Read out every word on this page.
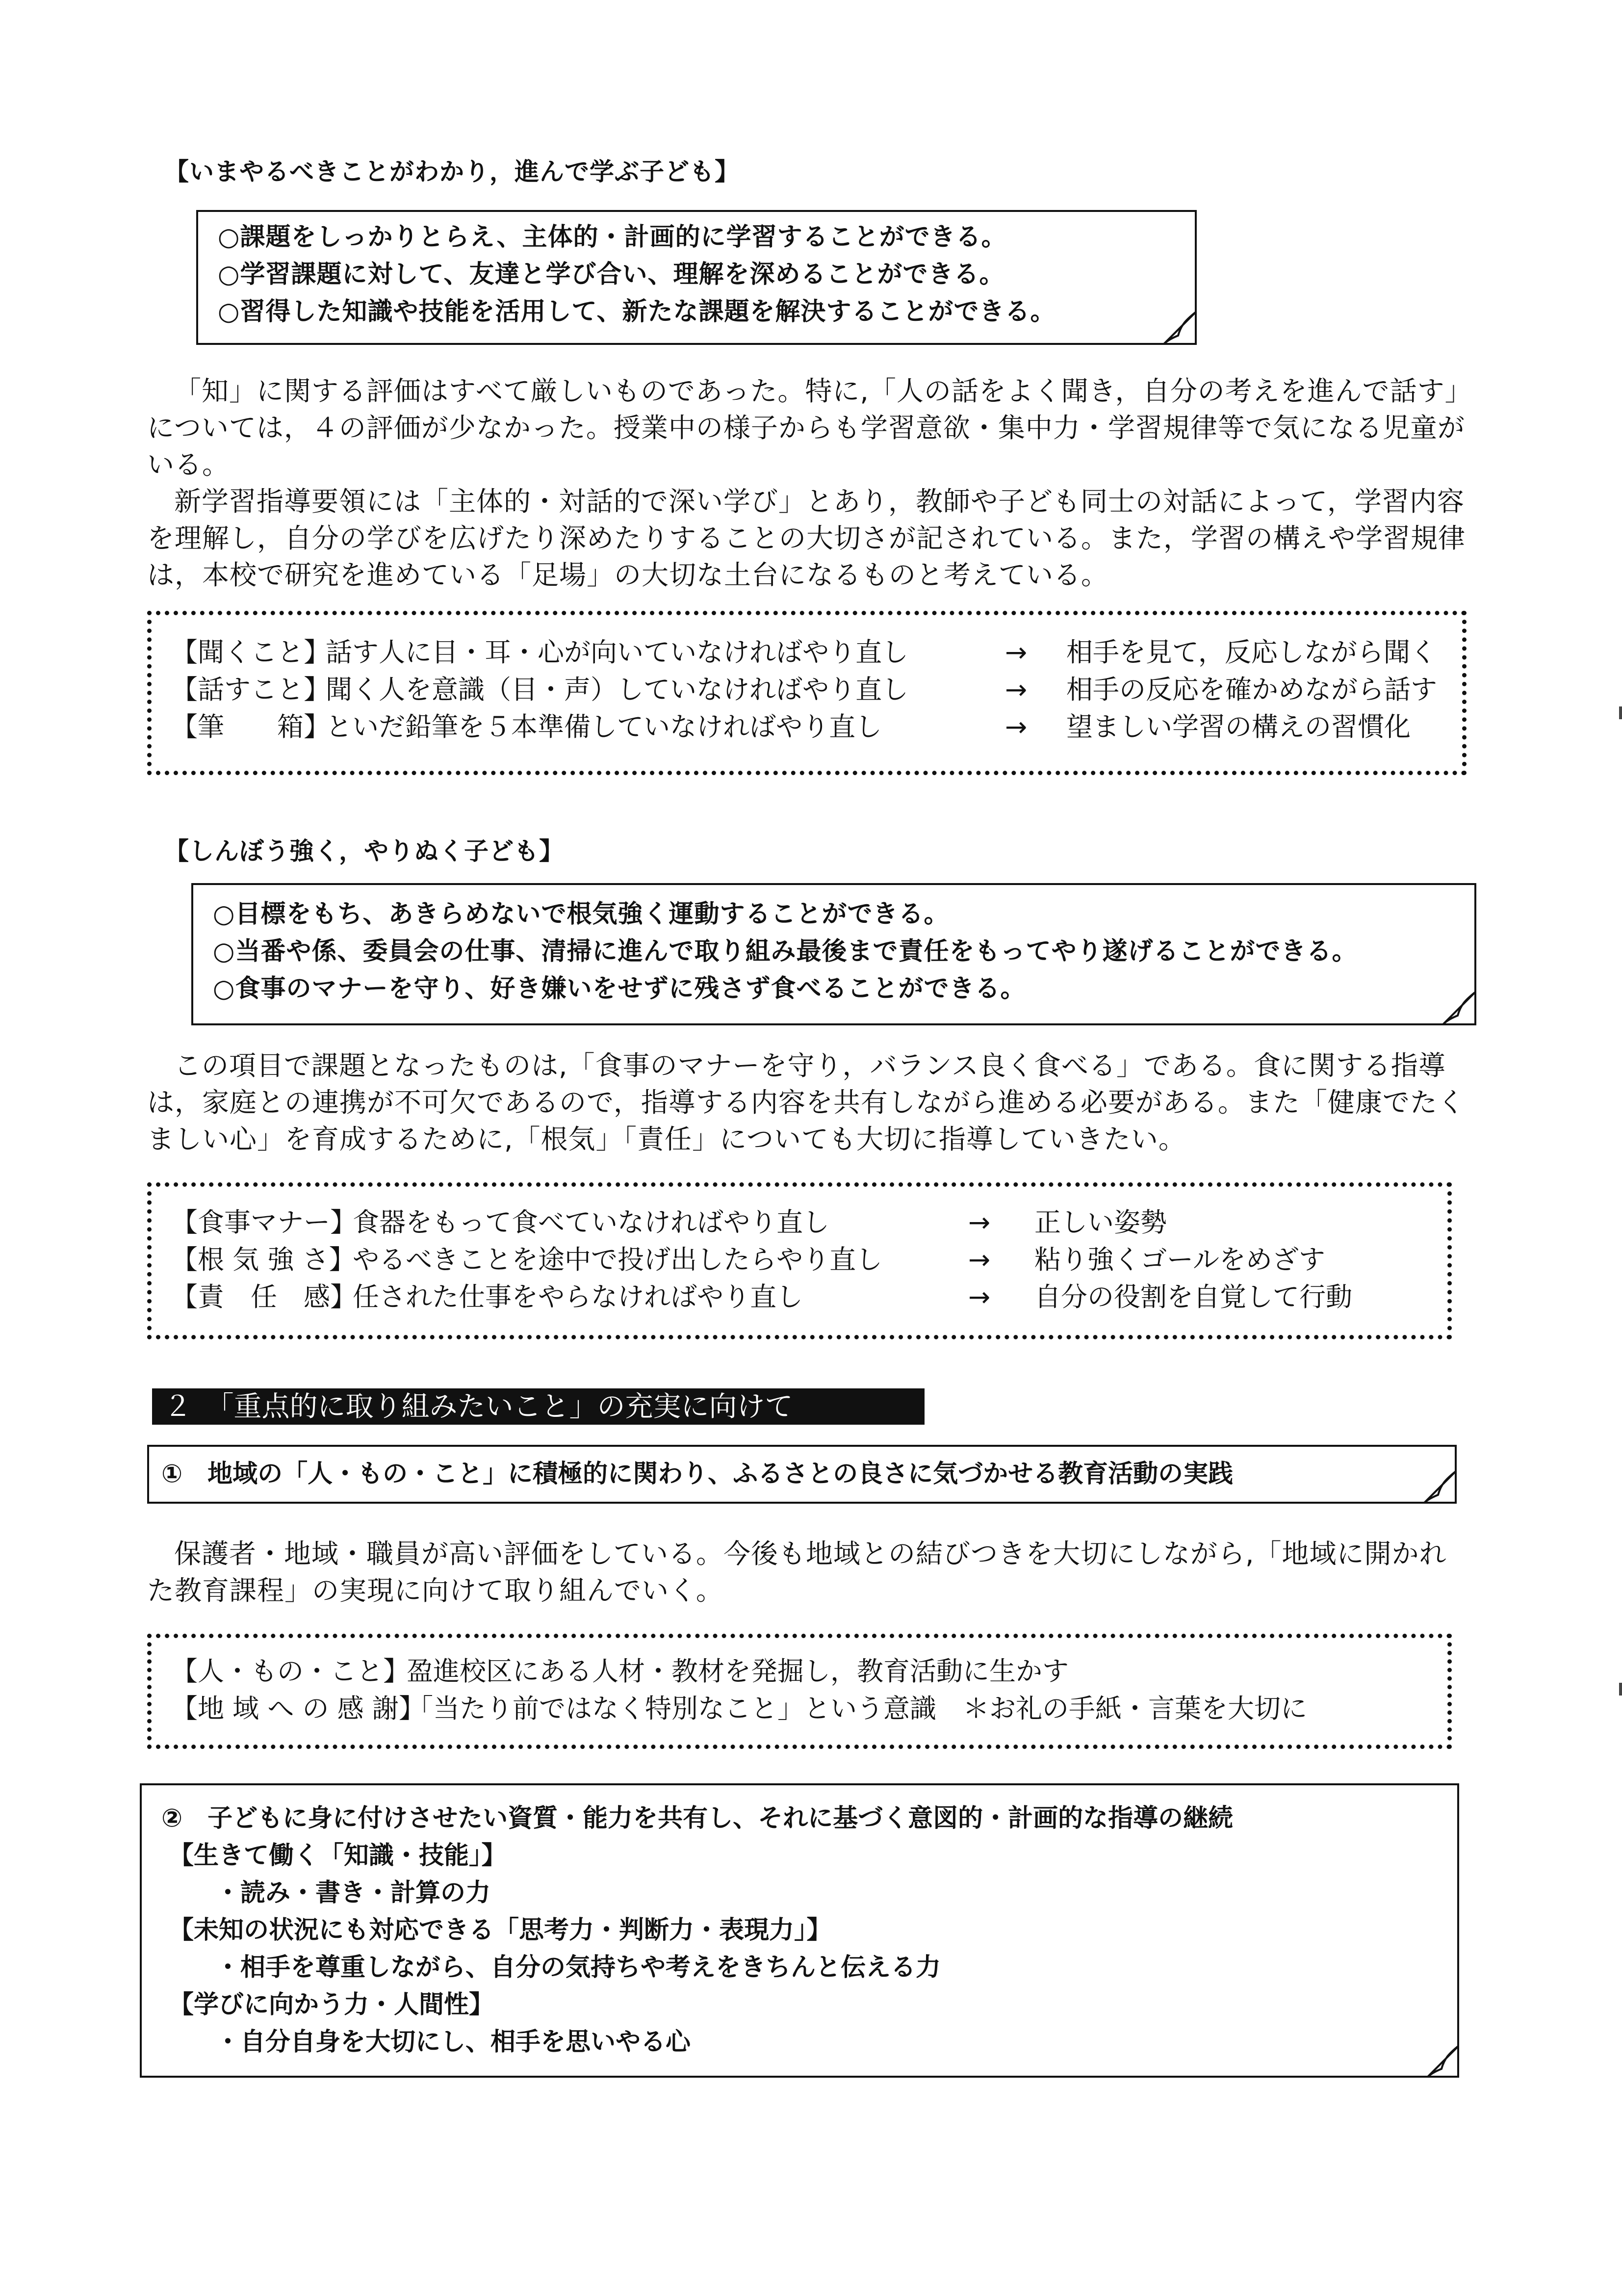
【いまやるべきことがわかり，進んで学ぶ子ども】
○課題をしっかりとらえ、主体的・計画的に学習することができる。
○学習課題に対して、友達と学び合い、理解を深めることができる。
○習得した知識や技能を活用して、新たな課題を解決することができる。

「知」に関する評価はすべて厳しいものであった。特に,「人の話をよく聞き，自分の考えを進んで話す」については，４の評価が少なかった。授業中の様子からも学習意欲・集中力・学習規律等で気になる児童がいる。

新学習指導要領には「主体的・対話的で深い学び」とあり，教師や子ども同士の対話によって，学習内容を理解し，自分の学びを広げたり深めたりすることの大切さが記されている。また，学習の構えや学習規律は，本校で研究を進めている「足場」の大切な土台になるものと考えている。

【聞くこと】
話す人に目・耳・心が向いていなければやり直し	→ 相手を見て，反応しながら聞く
【話すこと】
聞く人を意識（目・声）していなければやり直し	→ 相手の反応を確かめながら話す
【筆　　箱】
といだ鉛筆を５本準備していなければやり直し	→ 望ましい学習の構えの習慣化
【しんぼう強く，やりぬく子ども】
○目標をもち、あきらめないで根気強く運動することができる。
○当番や係、委員会の仕事、清掃に進んで取り組み最後まで責任をもってやり遂げることができる。
○食事のマナーを守り、好き嫌いをせずに残さず食べることができる。

この項目で課題となったものは,「食事のマナーを守り，バランス良く食べる」である。食に関する指導は，家庭との連携が不可欠であるので，指導する内容を共有しながら進める必要がある。また「健康でたくましい心」を育成するために,「根気」「責任」についても大切に指導していきたい。

【食事マナー】
食器をもって食べていなければやり直し	→ 正しい姿勢
【根 気 強 さ】
やるべきことを途中で投げ出したらやり直し	→ 粘り強くゴールをめざす
【責　任　感】
任された仕事をやらなければやり直し	→ 自分の役割を自覚して行動
２　「重点的に取り組みたいこと」の充実に向けて
①　地域の「人・もの・こと」に積極的に関わり、ふるさとの良さに気づかせる教育活動の実践

保護者・地域・職員が高い評価をしている。今後も地域との結びつきを大切にしながら,「地域に開かれた教育課程」の実現に向けて取り組んでいく。

【人・もの・こと】
盈進校区にある人材・教材を発掘し，教育活動に生かす
【地 域 へ の 感 謝】
「当たり前ではなく特別なこと」という意識　＊お礼の手紙・言葉を大切に
②　子どもに身に付けさせたい資質・能力を共有し、それに基づく意図的・計画的な指導の継続
【生きて働く「知識・技能」】
・読み・書き・計算の力
【未知の状況にも対応できる「思考力・判断力・表現力」】
・相手を尊重しながら、自分の気持ちや考えをきちんと伝える力
【学びに向かう力・人間性】
・自分自身を大切にし、相手を思いやる心
